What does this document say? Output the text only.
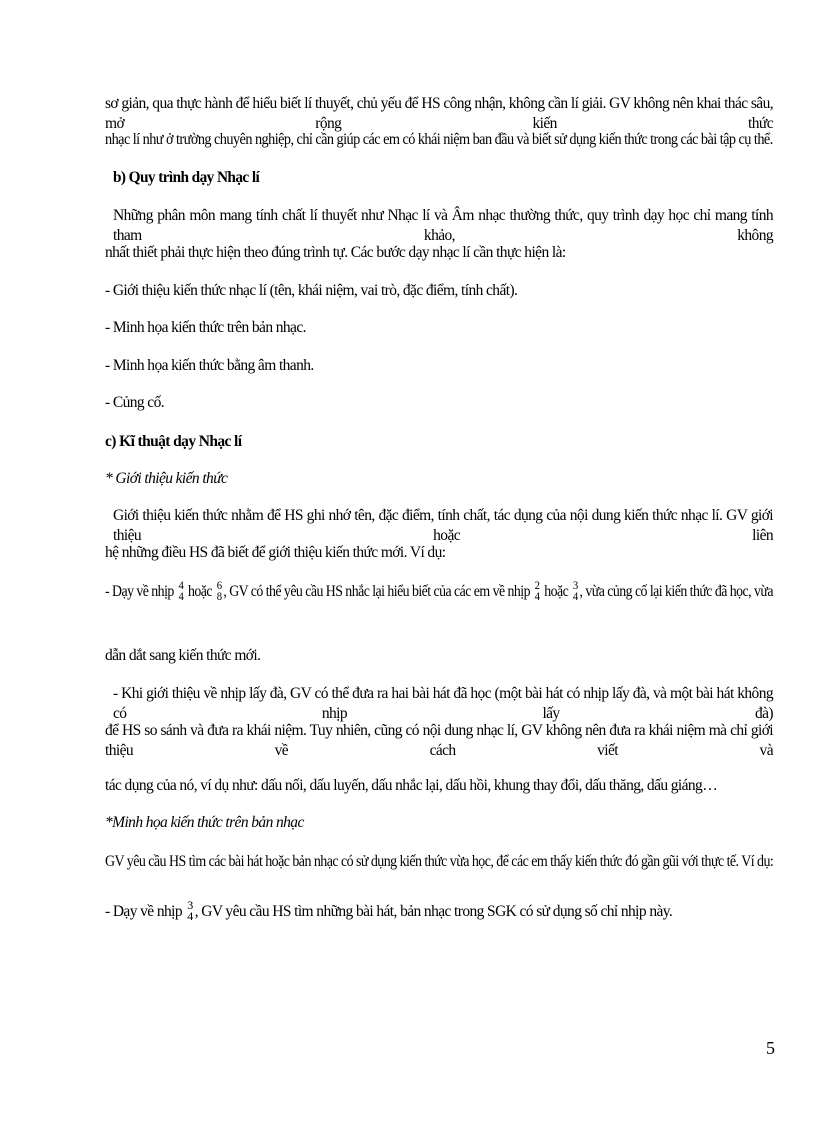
sơ giản, qua thực hành để hiểu biết lí thuyết, chủ yếu để HS công nhận, không cần lí giải. GV không nên khai thác sâu, mở rộng kiến thức
nhạc lí như ở trường chuyên nghiệp, chỉ cần giúp các em có khái niệm ban đầu và biết sử dụng kiến thức trong các bài tập cụ thể.
b) Quy trình dạy Nhạc lí
Những phân môn mang tính chất lí thuyết như Nhạc lí và Âm nhạc thường thức, quy trình dạy học chỉ mang tính tham khảo, không
nhất thiết phải thực hiện theo đúng trình tự. Các bước dạy nhạc lí cần thực hiện là:
- Giới thiệu kiến thức nhạc lí (tên, khái niệm, vai trò, đặc điểm, tính chất).
- Minh họa kiến thức trên bản nhạc.
- Minh họa kiến thức bằng âm thanh.
- Củng cố.
c) Kĩ thuật dạy Nhạc lí
* Giới thiệu kiến thức
Giới thiệu kiến thức nhằm để HS ghi nhớ tên, đặc điểm, tính chất, tác dụng của nội dung kiến thức nhạc lí. GV giới thiệu hoặc liên
hệ những điều HS đã biết để giới thiệu kiến thức mới. Ví dụ:
- Dạy về nhịp 4
4 hoặc 6
8 , GV có thể yêu cầu HS nhắc lại hiểu biết của các em về nhịp 2
4 hoặc 3
4 , vừa củng cố lại kiến thức đã học, vừa
dẫn dắt sang kiến thức mới.
- Khi giới thiệu về nhịp lấy đà, GV có thể đưa ra hai bài hát đã học (một bài hát có nhịp lấy đà, và một bài hát không có nhịp lấy đà)
để HS so sánh và đưa ra khái niệm. Tuy nhiên, cũng có nội dung nhạc lí, GV không nên đưa ra khái niệm mà chỉ giới thiệu về cách viết và
tác dụng của nó, ví dụ như: dấu nối, dấu luyến, dấu nhắc lại, dấu hồi, khung thay đổi, dấu thăng, dấu giáng…
*Minh họa kiến thức trên bản nhạc
GV yêu cầu HS tìm các bài hát hoặc bản nhạc có sử dụng kiến thức vừa học, để các em thấy kiến thức đó gần gũi với thực tế. Ví dụ:
- Dạy về nhịp 3
4 , GV yêu cầu HS tìm những bài hát, bản nhạc trong SGK có sử dụng số chỉ nhịp này.
5
